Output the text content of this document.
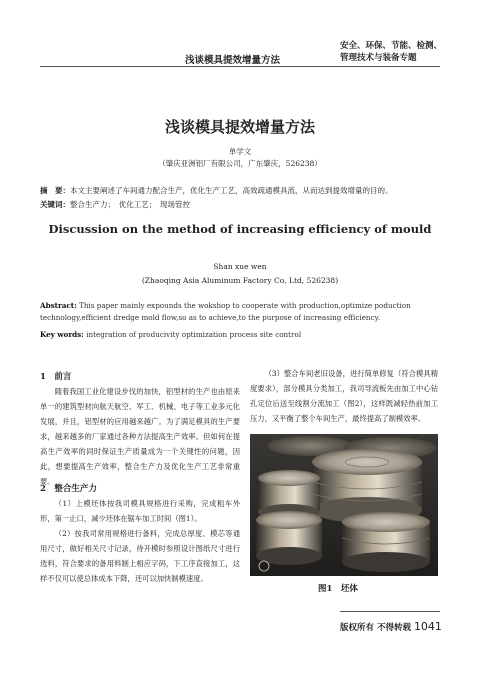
浅谈模具提效增量方法
安全、环保、节能、检测、
管理技术与装备专题
浅谈模具提效增量方法
单学文
（肇庆亚洲铝厂有限公司，广东肇庆，526238）
摘　要：本文主要阐述了车间通力配合生产，优化生产工艺，高效疏通模具流，从而达到提效增量的目的。
关键词：整合生产力；　优化工艺；　现场管控
Discussion on the method of increasing efficiency of mould
Shan xue wen
(Zhaoqing Asia Aluminum Factory Co, Ltd, 526238)
Abstract: This paper mainly expounds the wokshop to cooperate with production,optimize poduction technology,efficient dredge mold flow,so as to achieve,to the purpose of increasing efficiency.
Key words: integration of producivity optimization process site control
1　前言
随着我国工业化建设步伐的加快，铝型材的生产也由原来单一的建筑型材向航天航空、军工、机械、电子等工业多元化发展，并且，铝型材的应用越来越广。为了满足模具的生产要求，越来越多的厂家通过各种方法提高生产效率。但如何在提高生产效率的同时保证生产质量成为一个关键性的问题，因此，想要提高生产效率，整合生产力及优化生产工艺非常重要。
2　整合生产力
（1）上模坯体按我司模具规格进行采购，完成粗车外形，第一止口，减少坯体在锯车加工时间（图1）。
（2）按我司常用规格进行备料，完成总厚度、模芯等通用尺寸，做好相关尺寸记录，待开模时参照设计图纸尺寸进行选料，符合要求的备用料制上相应字码，下工序直接加工，这样不仅可以使总体成本下降，还可以加快制模速度。
（3）整合车间老旧设备，进行简单修复（符合模具精度要求），部分模具分类加工，我司导流板先由加工中心钻孔定位后送至线割分流加工（图2），这样既减轻热前加工压力，又平衡了整个车间生产，最终提高了制模效率。
图1　坯体
版权所有 不得转载 1041
